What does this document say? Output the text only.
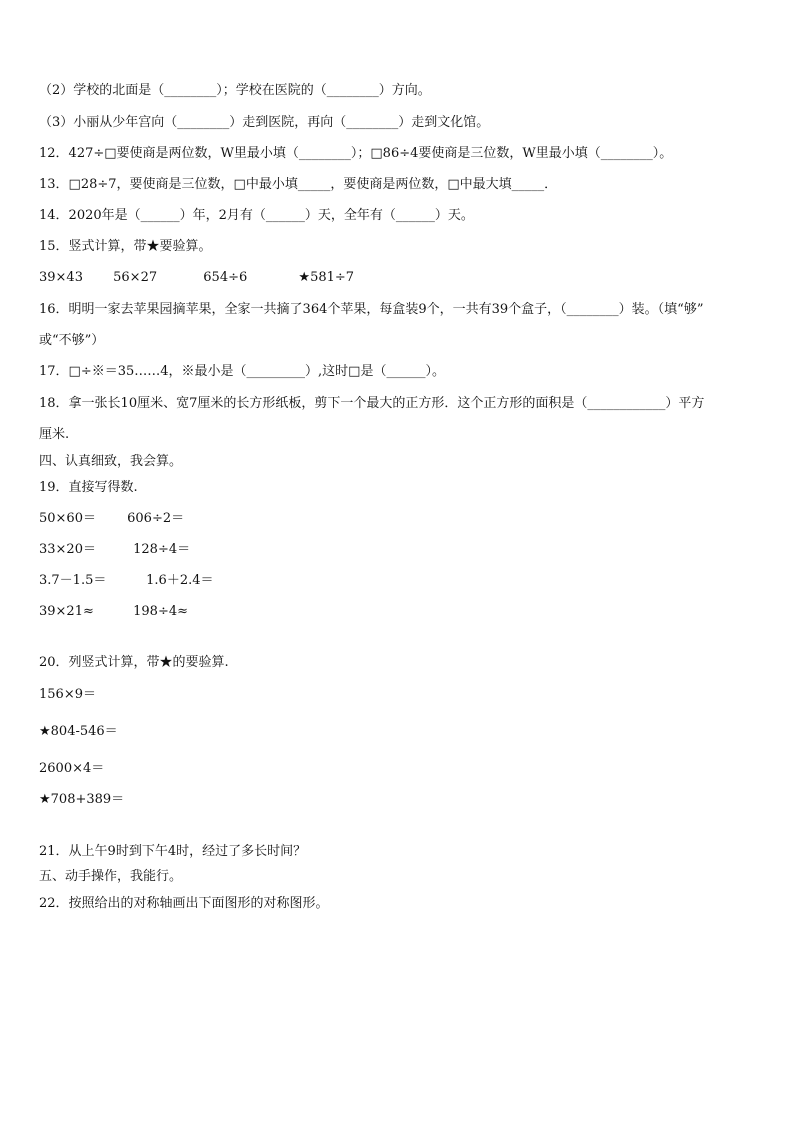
（2）学校的北面是（________）；学校在医院的（________）方向。
（3）小丽从少年宫向（________）走到医院，再向（________）走到文化馆。
12．427÷□要使商是两位数，W里最小填（________）；□86÷4要使商是三位数，W里最小填（________）。
13．□28÷7，要使商是三位数，□中最小填_____，要使商是两位数，□中最大填_____．
14．2020年是（______）年，2月有（______）天，全年有（______）天。
15．竖式计算，带★要验算。
39×43 56×27	654÷6	★581÷7
16．明明一家去苹果园摘苹果，全家一共摘了364个苹果，每盒装9个，一共有39个盒子，（________）装。（填“够”
或“不够”）
17．□÷※＝35……4，※最小是（_________）,这时□是（______）。
18．拿一张长10厘米、宽7厘米的长方形纸板，剪下一个最大的正方形．这个正方形的面积是（____________）平方
厘米.
四、认真细致，我会算。
19．直接写得数.
50×60＝ 606÷2＝
33×20＝	128÷4＝
3.7－1.5＝	1.6＋2.4＝
39×21≈	198÷4≈
20．列竖式计算，带★的要验算.
156×9＝
★804-546＝
2600×4＝
★708+389＝
21．从上午9时到下午4时，经过了多长时间？
五、动手操作，我能行。
22．按照给出的对称轴画出下面图形的对称图形。
